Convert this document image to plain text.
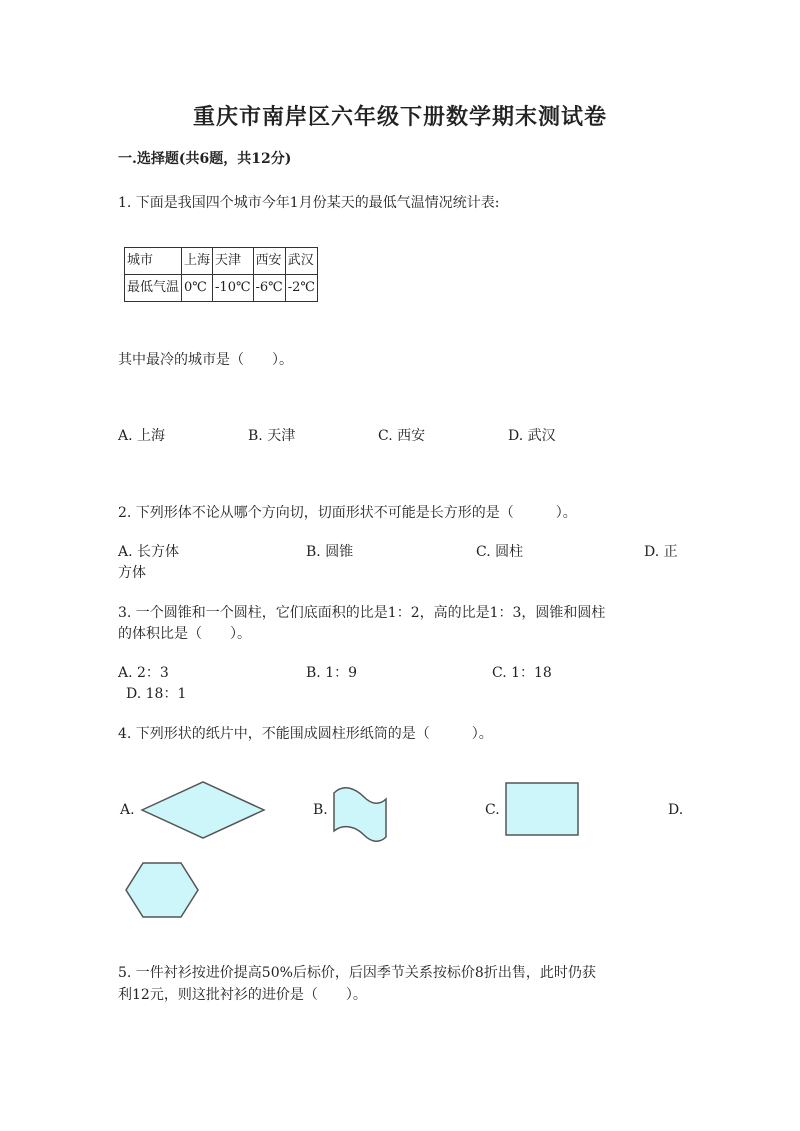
重庆市南岸区六年级下册数学期末测试卷
一.选择题(共6题，共12分)
1. 下面是我国四个城市今年1月份某天的最低气温情况统计表:
城市	上海	天津	西安	武汉
最低气温	0℃	-10℃	-6℃	-2℃
其中最冷的城市是（　　）。
A. 上海	B. 天津	C. 西安	D. 武汉
2. 下列形体不论从哪个方向切，切面形状不可能是长方形的是（　　　）。
A. 长方体	B. 圆锥	C. 圆柱	D. 正
方体
3. 一个圆锥和一个圆柱，它们底面积的比是1：2，高的比是1：3，圆锥和圆柱
的体积比是（　　）。
A. 2：3	B. 1：9	C. 1：18
D. 18：1
4. 下列形状的纸片中，不能围成圆柱形纸筒的是（　　　）。
A.	B.	C.	D.
5. 一件衬衫按进价提高50%后标价，后因季节关系按标价8折出售，此时仍获
利12元，则这批衬衫的进价是（　　）。
